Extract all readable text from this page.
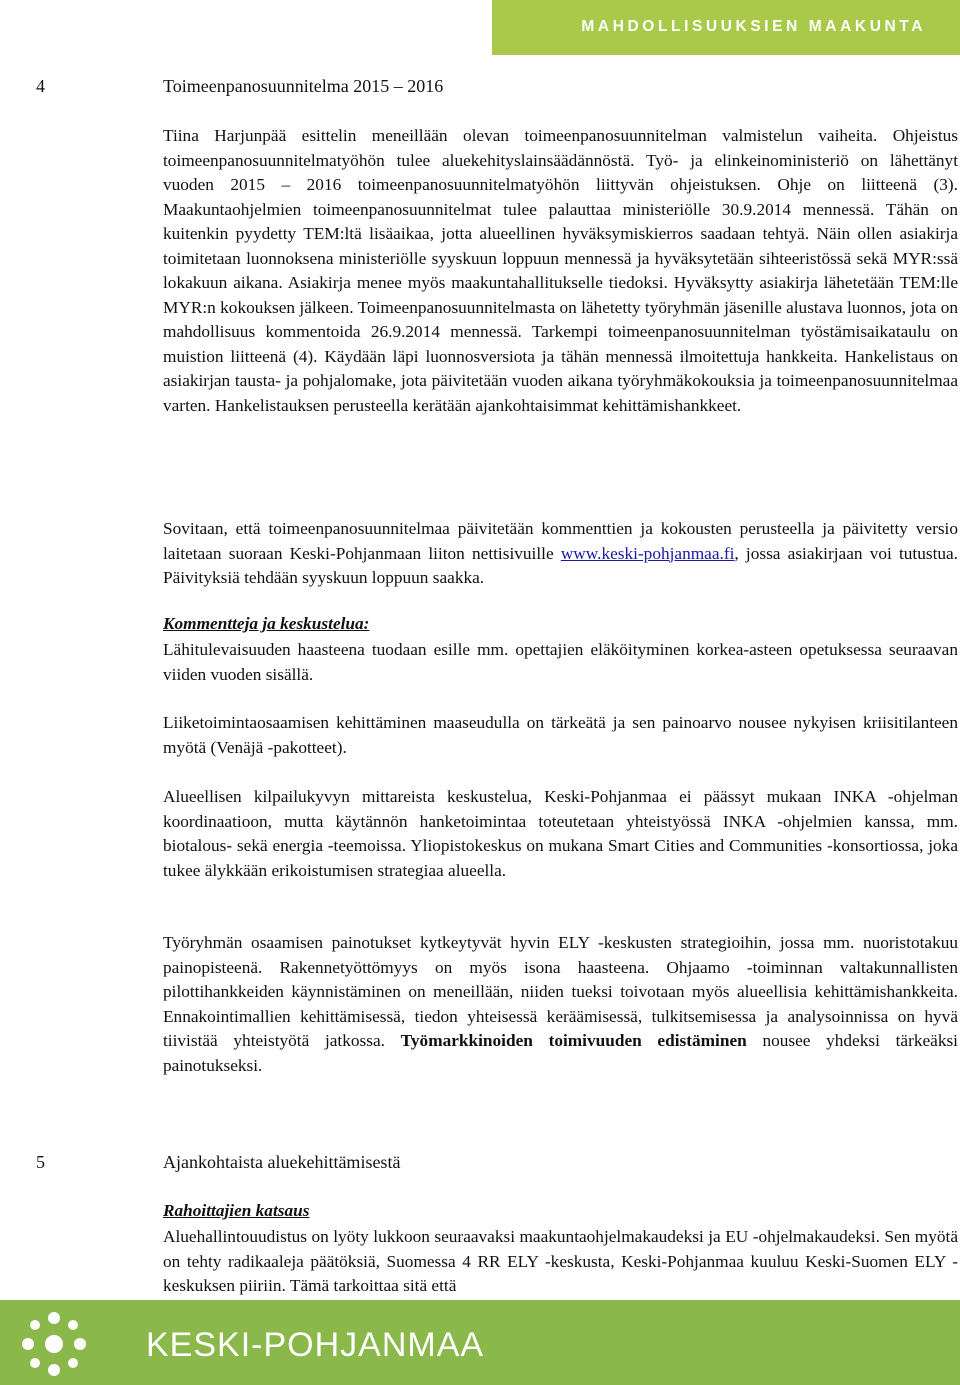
MAHDOLLISUUKSIEN MAAKUNTA
4	Toimeenpanosuunnitelma 2015 – 2016
Tiina Harjunpää esittelin meneillään olevan toimeenpanosuunnitelman valmistelun vaiheita. Ohjeistus toimeenpanosuunnitelmatyöhön tulee aluekehityslainsäädännöstä. Työ- ja elinkeinoministeriö on lähettänyt vuoden 2015 – 2016 toimeenpanosuunnitelmatyöhön liittyvän ohjeistuksen. Ohje on liitteenä (3). Maakuntaohjelmien toimeenpanosuunnitelmat tulee palauttaa ministeriölle 30.9.2014 mennessä. Tähän on kuitenkin pyydetty TEM:ltä lisäaikaa, jotta alueellinen hyväksymiskierros saadaan tehtyä. Näin ollen asiakirja toimitetaan luonnoksena ministeriölle syyskuun loppuun mennessä ja hyväksytetään sihteeristössä sekä MYR:ssä lokakuun aikana. Asiakirja menee myös maakuntahallitukselle tiedoksi. Hyväksytty asiakirja lähetetään TEM:lle MYR:n kokouksen jälkeen. Toimeenpanosuunnitelmasta on lähetetty työryhmän jäsenille alustava luonnos, jota on mahdollisuus kommentoida 26.9.2014 mennessä. Tarkempi toimeenpanosuunnitelman työstämisaikataulu on muistion liitteenä (4). Käydään läpi luonnosversiota ja tähän mennessä ilmoitettuja hankkeita. Hankelistaus on asiakirjan tausta- ja pohjalomake, jota päivitetään vuoden aikana työryhmäkokouksia ja toimeenpanosuunnitelmaa varten. Hankelistauksen perusteella kerätään ajankohtaisimmat kehittämishankkeet.
Sovitaan, että toimeenpanosuunnitelmaa päivitetään kommenttien ja kokousten perusteella ja päivitetty versio laitetaan suoraan Keski-Pohjanmaan liiton nettisivuille www.keski-pohjanmaa.fi, jossa asiakirjaan voi tutustua. Päivityksiä tehdään syyskuun loppuun saakka.
Kommentteja ja keskustelua:
Lähitulevaisuuden haasteena tuodaan esille mm. opettajien eläköityminen korkea-asteen opetuksessa seuraavan viiden vuoden sisällä.
Liiketoimintaosaamisen kehittäminen maaseudulla on tärkeätä ja sen painoarvo nousee nykyisen kriisitilanteen myötä (Venäjä -pakotteet).
Alueellisen kilpailukyvyn mittareista keskustelua, Keski-Pohjanmaa ei päässyt mukaan INKA -ohjelman koordinaatioon, mutta käytännön hanketoimintaa toteutetaan yhteistyössä INKA -ohjelmien kanssa, mm. biotalous- sekä energia -teemoissa. Yliopistokeskus on mukana Smart Cities and Communities -konsortiossa, joka tukee älykkään erikoistumisen strategiaa alueella.
Työryhmän osaamisen painotukset kytkeytyvät hyvin ELY -keskusten strategioihin, jossa mm. nuoristotakuu painopisteenä. Rakennetyöttömyys on myös isona haasteena. Ohjaamo -toiminnan valtakunnallisten pilottihankkeiden käynnistäminen on meneillään, niiden tueksi toivotaan myös alueellisia kehittämishankkeita. Ennakointimallien kehittämisessä, tiedon yhteisessä keräämisessä, tulkitsemisessa ja analysoinnissa on hyvä tiivistää yhteistyötä jatkossa. Työmarkkinoiden toimivuuden edistäminen nousee yhdeksi tärkeäksi painotukseksi.
5	Ajankohtaista aluekehittämisestä
Rahoittajien katsaus
Aluehallintouudistus on lyöty lukkoon seuraavaksi maakuntaohjelmakaudeksi ja EU -ohjelmakaudeksi. Sen myötä on tehty radikaaleja päätöksiä, Suomessa 4 RR ELY -keskusta, Keski-Pohjanmaa kuuluu Keski-Suomen ELY -keskuksen piiriin. Tämä tarkoittaa sitä että
KESKI-POHJANMAA
